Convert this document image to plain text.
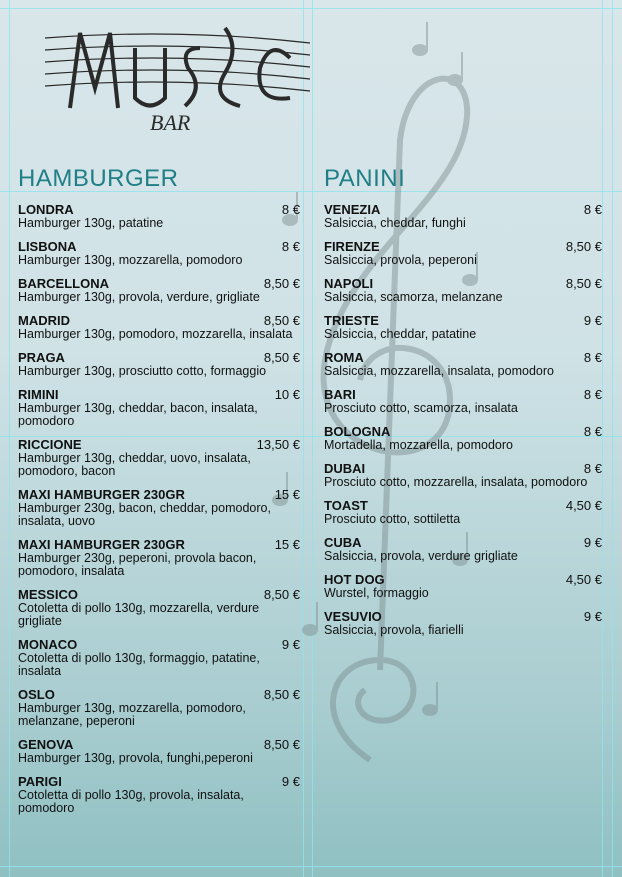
BAR
HAMBURGER
LONDRA	8 €
Hamburger 130g, patatine
LISBONA	8 €
Hamburger 130g, mozzarella, pomodoro
BARCELLONA	8,50 €
Hamburger 130g, provola, verdure, grigliate
MADRID	8,50 €
Hamburger 130g, pomodoro, mozzarella, insalata
PRAGA	8,50 €
Hamburger 130g, prosciutto cotto, formaggio
RIMINI	10 €
Hamburger 130g, cheddar, bacon, insalata, pomodoro
RICCIONE	13,50 €
Hamburger 130g, cheddar, uovo, insalata, pomodoro, bacon
MAXI HAMBURGER 230GR	15 €
Hamburger 230g, bacon, cheddar, pomodoro, insalata, uovo
MAXI HAMBURGER 230GR	15 €
Hamburger 230g, peperoni, provola bacon, pomodoro, insalata
MESSICO	8,50 €
Cotoletta di pollo 130g, mozzarella, verdure grigliate
MONACO	9 €
Cotoletta di pollo 130g, formaggio, patatine, insalata
OSLO	8,50 €
Hamburger 130g, mozzarella, pomodoro, melanzane, peperoni
GENOVA	8,50 €
Hamburger 130g, provola, funghi,peperoni
PARIGI	9 €
Cotoletta di pollo 130g, provola, insalata, pomodoro
PANINI
VENEZIA	8 €
Salsiccia, cheddar, funghi
FIRENZE	8,50 €
Salsiccia, provola, peperoni
NAPOLI	8,50 €
Salsiccia, scamorza, melanzane
TRIESTE	9 €
Salsiccia, cheddar, patatine
ROMA	8 €
Salsiccia, mozzarella, insalata, pomodoro
BARI	8 €
Prosciuto cotto, scamorza, insalata
BOLOGNA	8 €
Mortadella, mozzarella, pomodoro
DUBAI	8 €
Prosciuto cotto, mozzarella, insalata, pomodoro
TOAST	4,50 €
Prosciuto cotto, sottiletta
CUBA	9 €
Salsiccia, provola, verdure grigliate
HOT DOG	4,50 €
Wurstel, formaggio
VESUVIO	9 €
Salsiccia, provola, fiarielli
